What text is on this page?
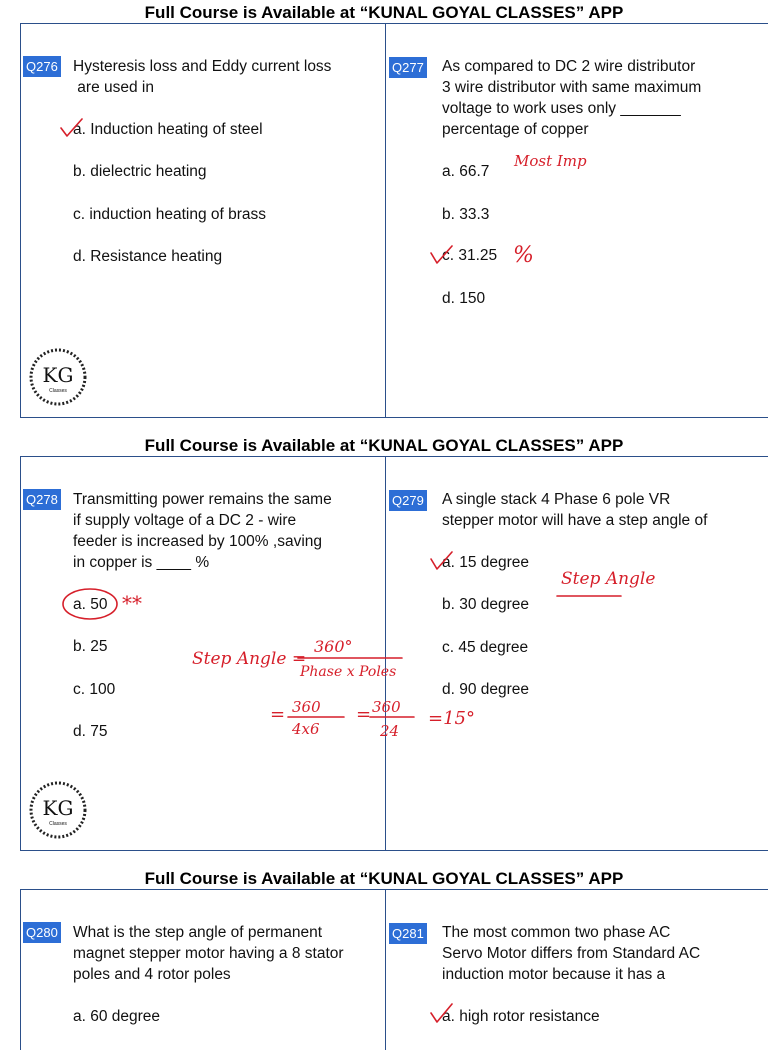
Full Course is Available at “KUNAL GOYAL CLASSES” APP
Q276 Hysteresis loss and Eddy current loss
are used in
a. Induction heating of steel
b. dielectric heating
c. induction heating of brass
d. Resistance heating
KG
Classes
Q277 As compared to DC 2 wire distributor
3 wire distributor with same maximum
voltage to work uses only _______
percentage of copper
a. 66.7
b. 33.3
c. 31.25
d. 150
Most Imp
%
Full Course is Available at “KUNAL GOYAL CLASSES” APP
Q278 Transmitting power remains the same
if supply voltage of a DC 2 - wire
feeder is increased by 100% ,saving
in copper is ____ %
a. 50
b. 25
c. 100
d. 75
KG
Classes
Q279 A single stack 4 Phase 6 pole VR
stepper motor will have a step angle of
a. 15 degree
b. 30 degree
c. 45 degree
d. 90 degree
**
Step Angle
Step Angle =
360°
Phase x Poles
= 360
4x6
= 360
24
=15°
Full Course is Available at “KUNAL GOYAL CLASSES” APP
Q280 What is the step angle of permanent
magnet stepper motor having a 8 stator
poles and 4 rotor poles
a. 60 degree
Q281 The most common two phase AC
Servo Motor differs from Standard AC
induction motor because it has a
a. high rotor resistance
